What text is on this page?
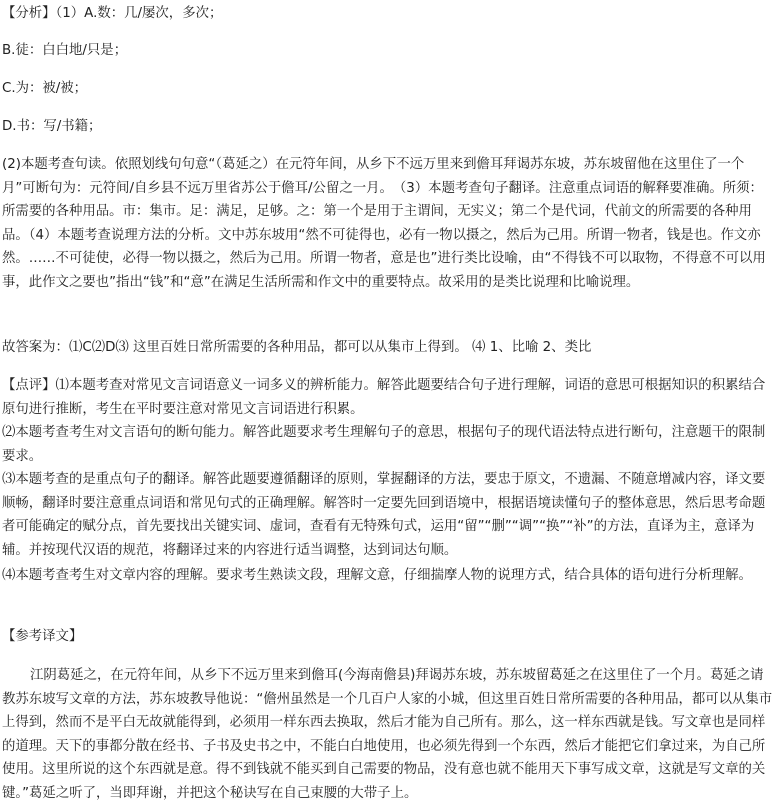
【分析】（1）A.数：几/屡次，多次；

B.徒：白白地/只是；

C.为：被/被；

D.书：写/书籍；

(2)本题考查句读。依照划线句句意“（葛延之）在元符年间，从乡下不远万里来到儋耳拜谒苏东坡，苏东坡留他在这里住了一个月”可断句为：元符间/自乡县不远万里省苏公于儋耳/公留之一月。　（3）本题考查句子翻译。注意重点词语的解释要准确。所须：所需要的各种用品。市：集市。足：满足，足够。之：第一个是用于主谓间，无实义；第二个是代词，代前文的所需要的各种用品。（4）本题考查说理方法的分析。文中苏东坡用“然不可徒得也，必有一物以摄之，然后为己用。所谓一物者，钱是也。作文亦然。……不可徒使，必得一物以摄之，然后为己用。所谓一物者，意是也”进行类比设喻，由“不得钱不可以取物，不得意不可以用事，此作文之要也”指出“钱”和“意”在满足生活所需和作文中的重要特点。故采用的是类比说理和比喻说理。

故答案为：⑴C⑵D⑶ 这里百姓日常所需要的各种用品，都可以从集市上得到。 ⑷ 1、比喻 2、类比

【点评】⑴本题考查对常见文言词语意义一词多义的辨析能力。解答此题要结合句子进行理解，词语的意思可根据知识的积累结合原句进行推断，考生在平时要注意对常见文言词语进行积累。

⑵本题考查考生对文言语句的断句能力。解答此题要求考生理解句子的意思，根据句子的现代语法特点进行断句，注意题干的限制要求。

⑶本题考查的是重点句子的翻译。解答此题要遵循翻译的原则，掌握翻译的方法，要忠于原文，不遗漏、不随意增减内容，译文要顺畅，翻译时要注意重点词语和常见句式的正确理解。解答时一定要先回到语境中，根据语境读懂句子的整体意思，然后思考命题者可能确定的赋分点，首先要找出关键实词、虚词，查看有无特殊句式，运用“留”“删”“调”“换”“补”的方法，直译为主，意译为辅。并按现代汉语的规范，将翻译过来的内容进行适当调整，达到词达句顺。

⑷本题考查考生对文章内容的理解。要求考生熟读文段，理解文意，仔细揣摩人物的说理方式，结合具体的语句进行分析理解。

【参考译文】

江阴葛延之，在元符年间，从乡下不远万里来到儋耳(今海南儋县)拜谒苏东坡，苏东坡留葛延之在这里住了一个月。葛延之请教苏东坡写文章的方法，苏东坡教导他说：“儋州虽然是一个几百户人家的小城，但这里百姓日常所需要的各种用品，都可以从集市上得到，然而不是平白无故就能得到，必须用一样东西去换取，然后才能为自己所有。那么，这一样东西就是钱。写文章也是同样的道理。天下的事都分散在经书、子书及史书之中，不能白白地使用，也必须先得到一个东西，然后才能把它们拿过来，为自己所使用。这里所说的这个东西就是意。得不到钱就不能买到自己需要的物品，没有意也就不能用天下事写成文章，这就是写文章的关键。”葛延之听了，当即拜谢，并把这个秘诀写在自己束腰的大带子上。
